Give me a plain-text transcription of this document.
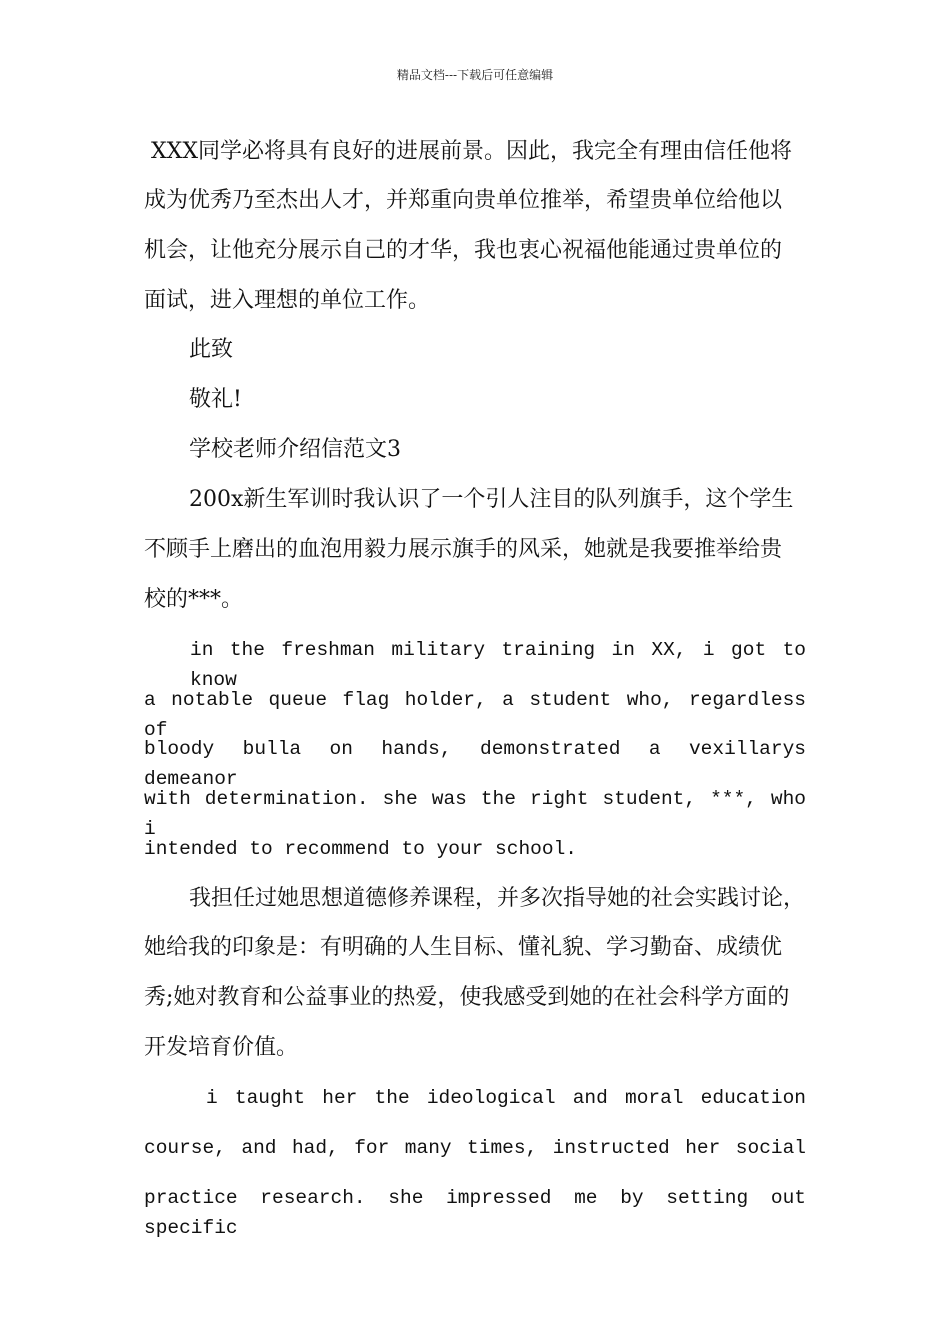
精品文档---下载后可任意编辑
XXX同学必将具有良好的进展前景。因此，我完全有理由信任他将
成为优秀乃至杰出人才，并郑重向贵单位推举，希望贵单位给他以
机会，让他充分展示自己的才华，我也衷心祝福他能通过贵单位的
面试，进入理想的单位工作。
此致
敬礼!
学校老师介绍信范文3
200x新生军训时我认识了一个引人注目的队列旗手，这个学生
不顾手上磨出的血泡用毅力展示旗手的风采，她就是我要推举给贵
校的***。
in the freshman military training in XX, i got to know
a notable queue flag holder, a student who, regardless of
bloody bulla on hands, demonstrated a vexillarys demeanor
with determination. she was the right student, ***, who i
intended to recommend to your school.
我担任过她思想道德修养课程，并多次指导她的社会实践讨论，
她给我的印象是：有明确的人生目标、懂礼貌、学习勤奋、成绩优
秀;她对教育和公益事业的热爱，使我感受到她的在社会科学方面的
开发培育价值。
i taught her the ideological and moral education
course, and had, for many times, instructed her social
practice research. she impressed me by setting out specific
